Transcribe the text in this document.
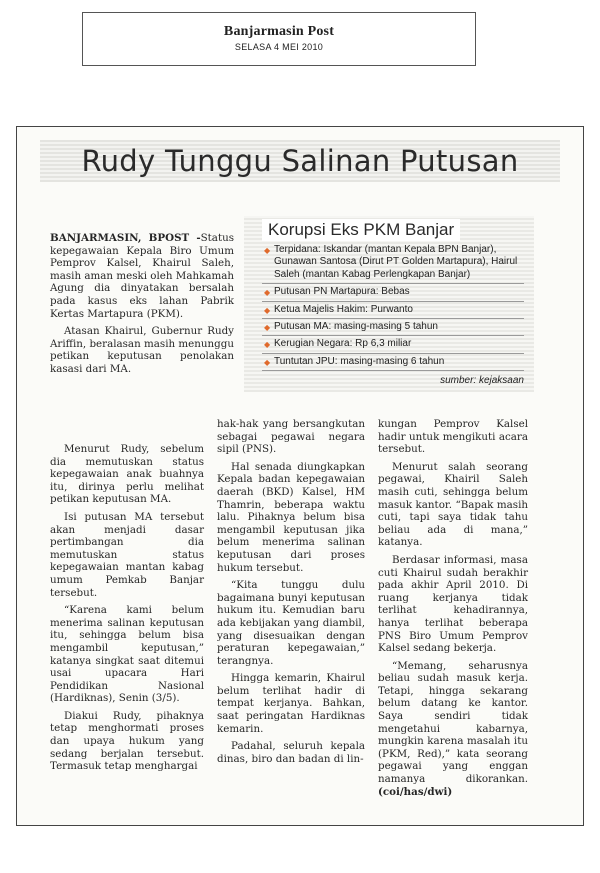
Banjarmasin Post
SELASA 4 MEI 2010
Rudy Tunggu Salinan Putusan

BANJARMASIN, BPOST -Status kepegawaian Kepala Biro Umum Pemprov Kalsel, Khairul Saleh, masih aman meski oleh Mahkamah Agung dia dinyatakan bersalah pada kasus eks lahan Pabrik Kertas Martapura (PKM).

Atasan Khairul, Gubernur Rudy Ariffin, beralasan masih menunggu petikan keputusan penolakan kasasi dari MA.

Korupsi Eks PKM Banjar
◆ Terpidana: Iskandar (mantan Kepala BPN Banjar), Gunawan Santosa (Dirut PT Golden Martapura), Hairul Saleh (mantan Kabag Perlengkapan Banjar)
◆ Putusan PN Martapura: Bebas
◆ Ketua Majelis Hakim: Purwanto
◆ Putusan MA: masing-masing 5 tahun
◆ Kerugian Negara: Rp 6,3 miliar
◆ Tuntutan JPU: masing-masing 6 tahun
sumber: kejaksaan

Menurut Rudy, sebelum dia memutuskan status kepegawaian anak buahnya itu, dirinya perlu melihat petikan keputusan MA.

Isi putusan MA tersebut akan menjadi dasar pertimbangan dia memutuskan status kepegawaian mantan kabag umum Pemkab Banjar tersebut.

“Karena kami belum menerima salinan keputusan itu, sehingga belum bisa mengambil keputusan,” katanya singkat saat ditemui usai upacara Hari Pendidikan Nasional (Hardiknas), Senin (3/5).

Diakui Rudy, pihaknya tetap menghormati proses dan upaya hukum yang sedang berjalan tersebut. Termasuk tetap menghargai

hak-hak yang bersangkutan sebagai pegawai negara sipil (PNS).

Hal senada diungkapkan Kepala badan kepegawaian daerah (BKD) Kalsel, HM Thamrin, beberapa waktu lalu. Pihaknya belum bisa mengambil keputusan jika belum menerima salinan keputusan dari proses hukum tersebut.

“Kita tunggu dulu bagaimana bunyi keputusan hukum itu. Kemudian baru ada kebijakan yang diambil, yang disesuaikan dengan peraturan kepegawaian,” terangnya.

Hingga kemarin, Khairul belum terlihat hadir di tempat kerjanya. Bahkan, saat peringatan Hardiknas kemarin.

Padahal, seluruh kepala dinas, biro dan badan di lin-

kungan Pemprov Kalsel hadir untuk mengikuti acara tersebut.

Menurut salah seorang pegawai, Khairil Saleh masih cuti, sehingga belum masuk kantor. “Bapak masih cuti, tapi saya tidak tahu beliau ada di mana,” katanya.

Berdasar informasi, masa cuti Khairul sudah berakhir pada akhir April 2010. Di ruang kerjanya tidak terlihat kehadirannya, hanya terlihat beberapa PNS Biro Umum Pemprov Kalsel sedang bekerja.

“Memang, seharusnya beliau sudah masuk kerja. Tetapi, hingga sekarang belum datang ke kantor. Saya sendiri tidak mengetahui kabarnya, mungkin karena masalah itu (PKM, Red),” kata seorang pegawai yang enggan namanya dikorankan. (coi/has/dwi)
